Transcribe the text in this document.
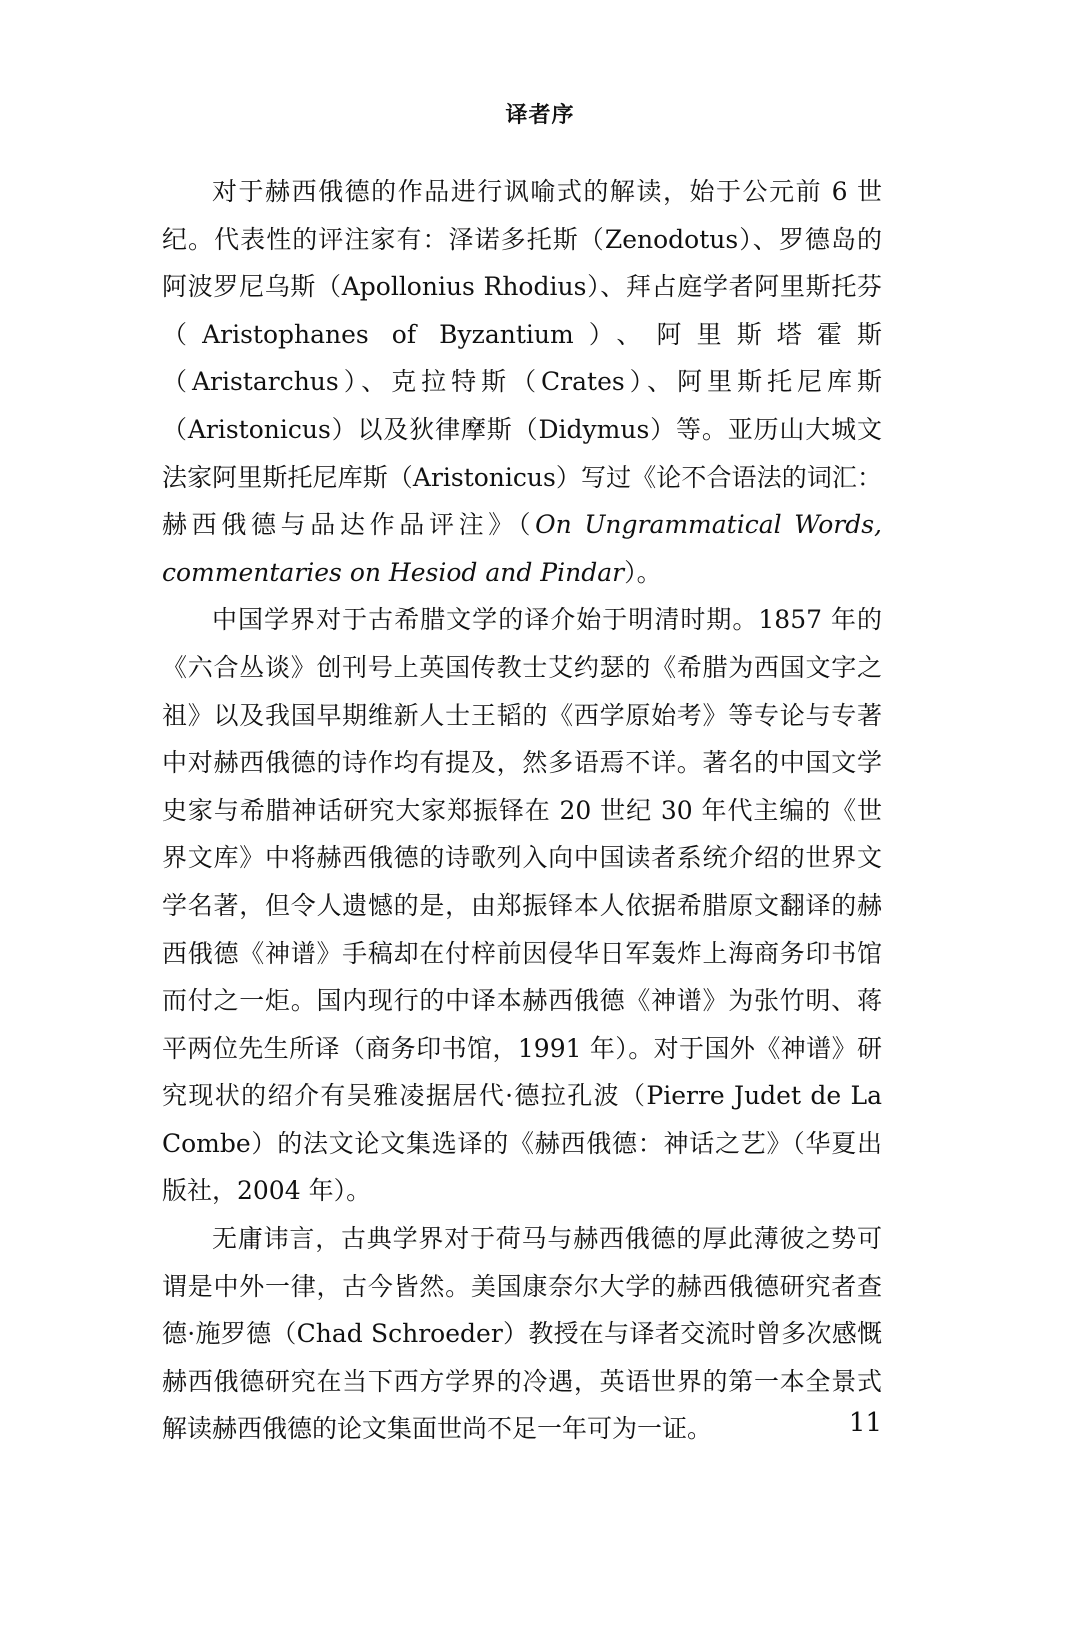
译者序

对于赫西俄德的作品进行讽喻式的解读，始于公元前 6 世纪。代表性的评注家有：泽诺多托斯（Zenodotus）、罗德岛的阿波罗尼乌斯（Apollonius Rhodius）、拜占庭学者阿里斯托芬（Aristophanes of Byzantium）、阿里斯塔霍斯（Aristarchus）、克拉特斯（Crates）、阿里斯托尼库斯（Aristonicus）以及狄律摩斯（Didymus）等。亚历山大城文法家阿里斯托尼库斯（Aristonicus）写过《论不合语法的词汇：赫西俄德与品达作品评注》（On Ungrammatical Words, commentaries on Hesiod and Pindar）。

中国学界对于古希腊文学的译介始于明清时期。1857 年的《六合丛谈》创刊号上英国传教士艾约瑟的《希腊为西国文字之祖》以及我国早期维新人士王韬的《西学原始考》等专论与专著中对赫西俄德的诗作均有提及，然多语焉不详。著名的中国文学史家与希腊神话研究大家郑振铎在 20 世纪 30 年代主编的《世界文库》中将赫西俄德的诗歌列入向中国读者系统介绍的世界文学名著，但令人遗憾的是，由郑振铎本人依据希腊原文翻译的赫西俄德《神谱》手稿却在付梓前因侵华日军轰炸上海商务印书馆而付之一炬。国内现行的中译本赫西俄德《神谱》为张竹明、蒋平两位先生所译（商务印书馆，1991 年）。对于国外《神谱》研究现状的绍介有吴雅凌据居代·德拉孔波（Pierre Judet de La Combe）的法文论文集选译的《赫西俄德：神话之艺》（华夏出版社，2004 年）。

无庸讳言，古典学界对于荷马与赫西俄德的厚此薄彼之势可谓是中外一律，古今皆然。美国康奈尔大学的赫西俄德研究者查德·施罗德（Chad Schroeder）教授在与译者交流时曾多次感慨赫西俄德研究在当下西方学界的冷遇，英语世界的第一本全景式解读赫西俄德的论文集面世尚不足一年可为一证。	11
